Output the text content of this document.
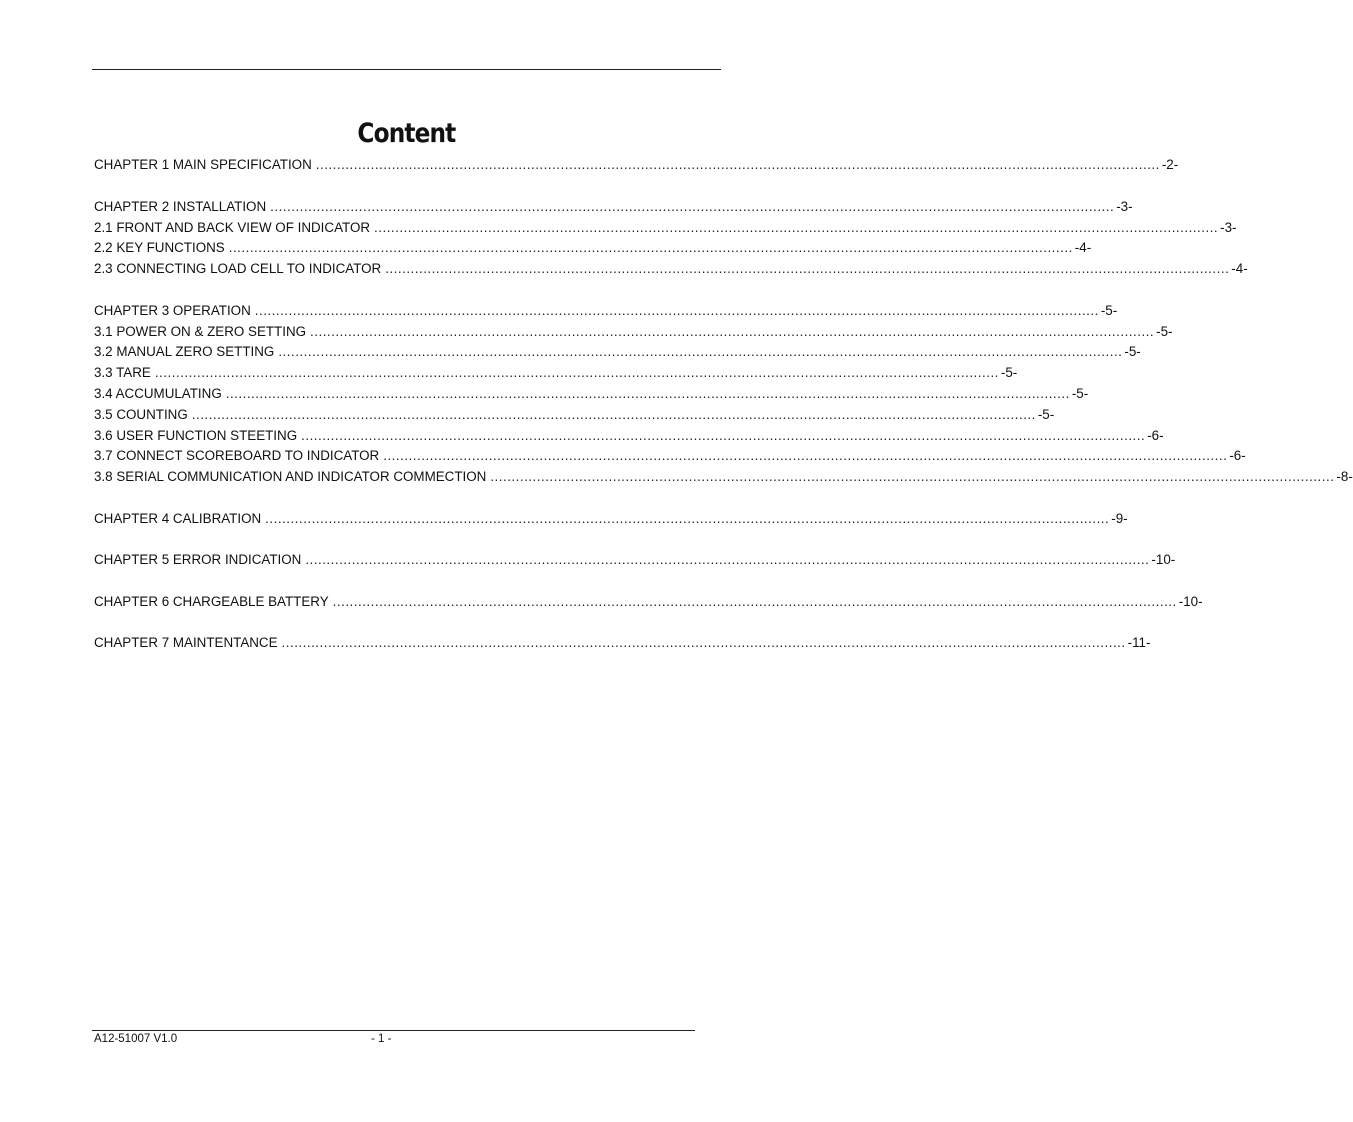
Content
CHAPTER 1 MAIN SPECIFICATION ........................................................................................................................................................................................................ -2-
CHAPTER 2 INSTALLATION ........................................................................................................................................................................................................ -3-
2.1 FRONT AND BACK VIEW OF INDICATOR ........................................................................................................................................................................................................ -3-
2.2 KEY FUNCTIONS ........................................................................................................................................................................................................ -4-
2.3 CONNECTING LOAD CELL TO INDICATOR ........................................................................................................................................................................................................ -4-
CHAPTER 3 OPERATION ........................................................................................................................................................................................................ -5-
3.1 POWER ON & ZERO SETTING ........................................................................................................................................................................................................ -5-
3.2 MANUAL ZERO SETTING ........................................................................................................................................................................................................ -5-
3.3 TARE ........................................................................................................................................................................................................ -5-
3.4 ACCUMULATING ........................................................................................................................................................................................................ -5-
3.5 COUNTING ........................................................................................................................................................................................................ -5-
3.6 USER FUNCTION STEETING ........................................................................................................................................................................................................ -6-
3.7 CONNECT SCOREBOARD TO INDICATOR ........................................................................................................................................................................................................ -6-
3.8 SERIAL COMMUNICATION AND INDICATOR COMMECTION ........................................................................................................................................................................................................ -8-
CHAPTER 4 CALIBRATION ........................................................................................................................................................................................................ -9-
CHAPTER 5 ERROR INDICATION ........................................................................................................................................................................................................ -10-
CHAPTER 6 CHARGEABLE BATTERY ........................................................................................................................................................................................................ -10-
CHAPTER 7 MAINTENTANCE ........................................................................................................................................................................................................ -11-
A12-51007 V1.0	- 1 -
